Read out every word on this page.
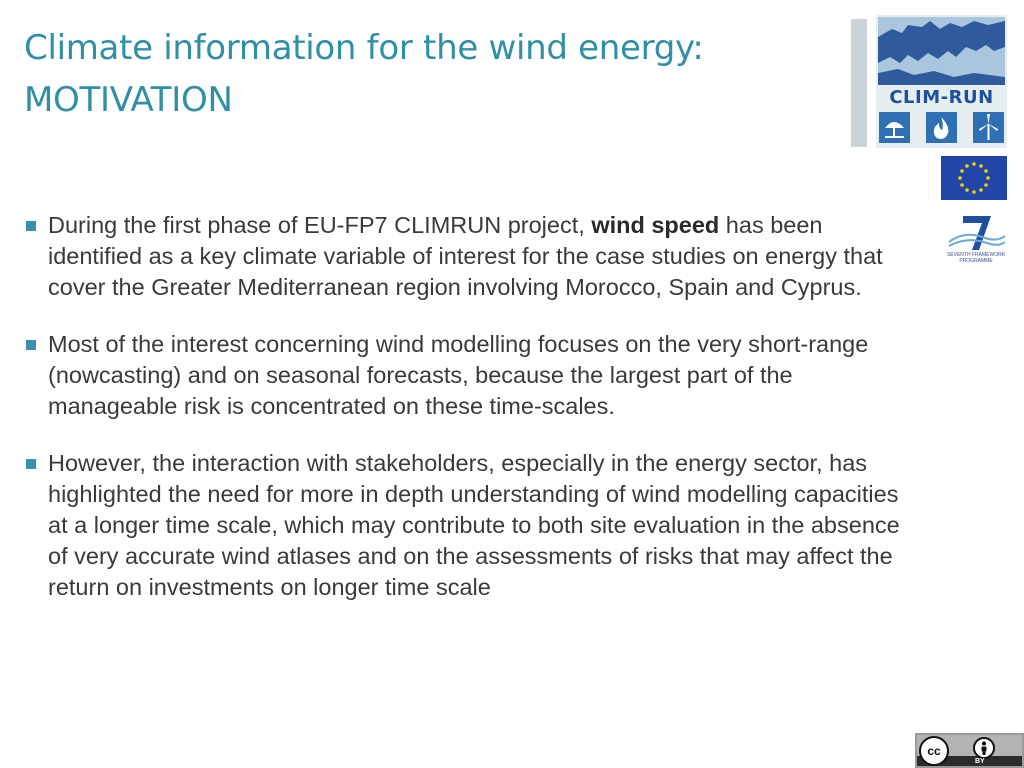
Climate information for the wind energy:
MOTIVATION
During the first phase of EU-FP7 CLIMRUN project, wind speed has been identified as a key climate variable of interest for the case studies on energy that cover the Greater Mediterranean region involving Morocco, Spain and Cyprus.
Most of the interest concerning wind modelling focuses on the very short-range (nowcasting) and on seasonal forecasts, because the largest part of the manageable risk is concentrated on these time-scales.
However, the interaction with stakeholders, especially in the energy sector, has highlighted the need for more in depth understanding of wind modelling capacities at a longer time scale, which may contribute to both site evaluation in the absence of very accurate wind atlases and on the assessments of risks that may affect the return on investments on longer time scale
CLIM-RUN
SEVENTH FRAMEWORK PROGRAMME
cc
BY
